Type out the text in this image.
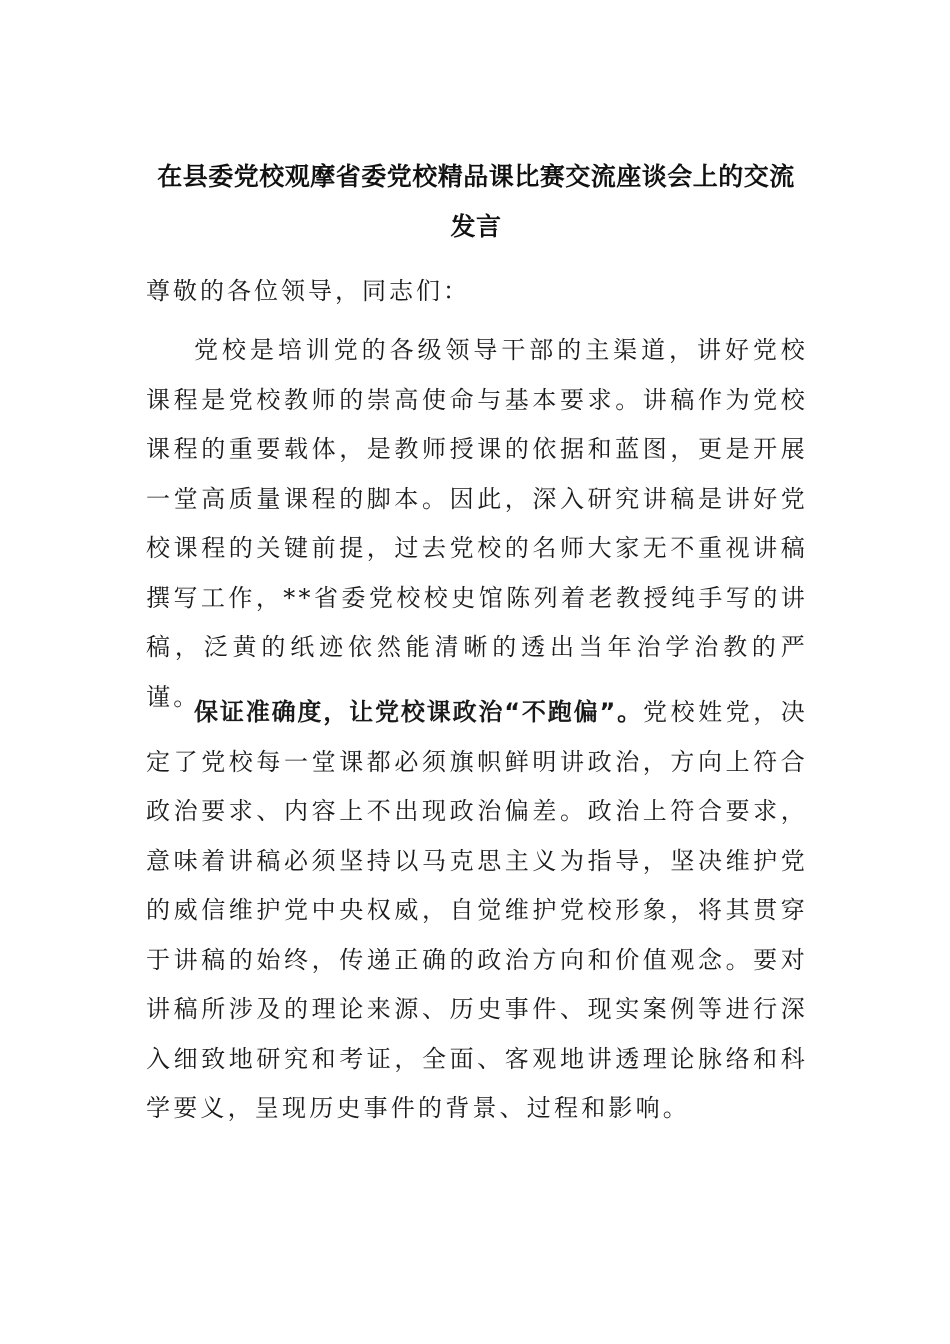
在县委党校观摩省委党校精品课比赛交流座谈会上的交流发言
尊敬的各位领导，同志们：

党校是培训党的各级领导干部的主渠道，讲好党校课程是党校教师的崇高使命与基本要求。讲稿作为党校课程的重要载体，是教师授课的依据和蓝图，更是开展一堂高质量课程的脚本。因此，深入研究讲稿是讲好党校课程的关键前提，过去党校的名师大家无不重视讲稿撰写工作，**省委党校校史馆陈列着老教授纯手写的讲稿，泛黄的纸迹依然能清晰的透出当年治学治教的严谨。

保证准确度，让党校课政治“不跑偏”。党校姓党，决定了党校每一堂课都必须旗帜鲜明讲政治，方向上符合政治要求、内容上不出现政治偏差。政治上符合要求，意味着讲稿必须坚持以马克思主义为指导，坚决维护党的威信维护党中央权威，自觉维护党校形象，将其贯穿于讲稿的始终，传递正确的政治方向和价值观念。要对讲稿所涉及的理论来源、历史事件、现实案例等进行深入细致地研究和考证，全面、客观地讲透理论脉络和科学要义，呈现历史事件的背景、过程和影响。
